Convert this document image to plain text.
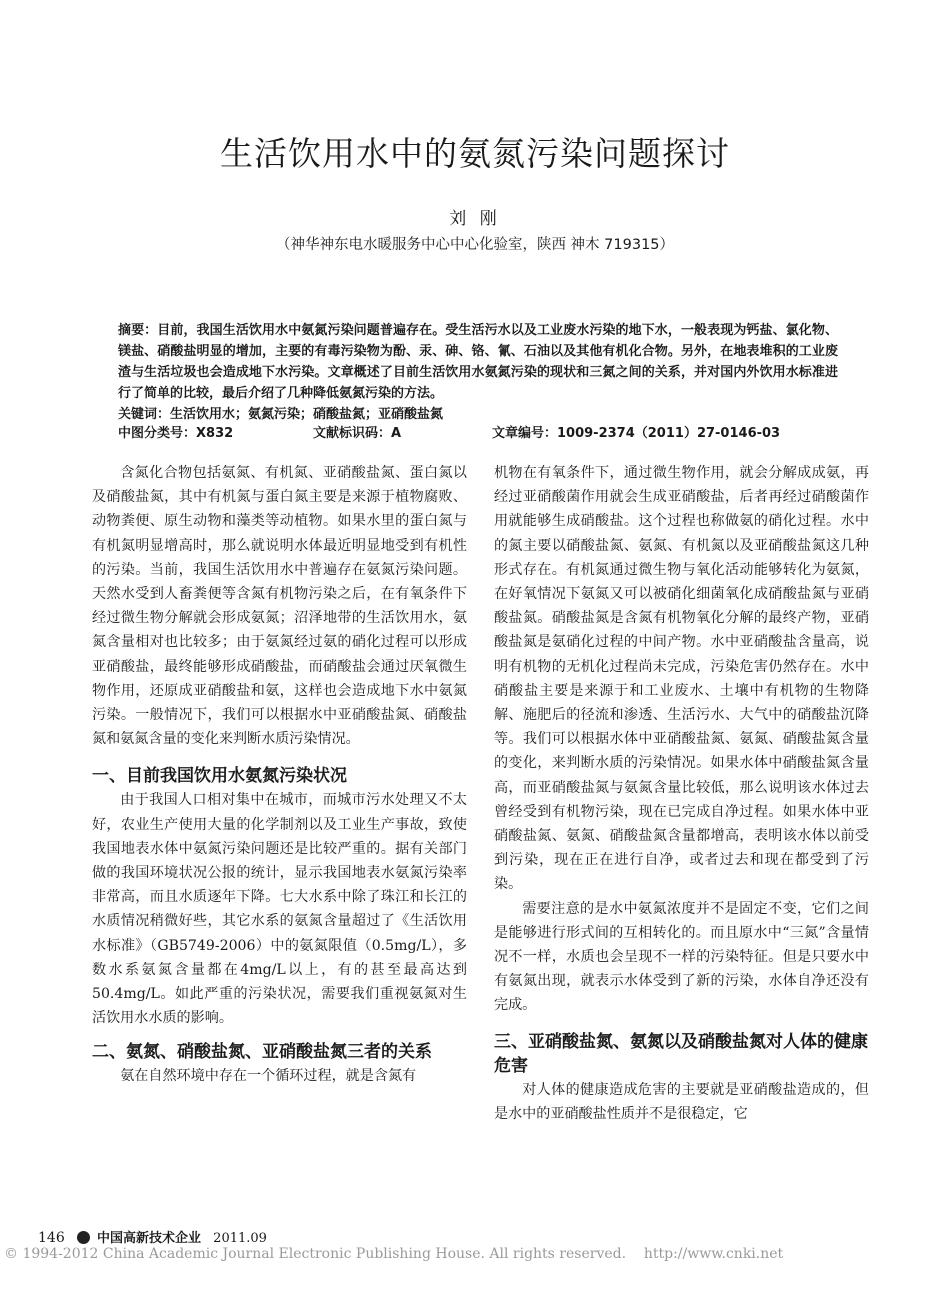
生活饮用水中的氨氮污染问题探讨
刘 刚
（神华神东电水暖服务中心中心化验室，陕西 神木 719315）

摘要：目前，我国生活饮用水中氨氮污染问题普遍存在。受生活污水以及工业废水污染的地下水，一般表现为钙盐、氯化物、镁盐、硝酸盐明显的增加，主要的有毒污染物为酚、汞、砷、铬、氰、石油以及其他有机化合物。另外，在地表堆积的工业废渣与生活垃圾也会造成地下水污染。文章概述了目前生活饮用水氨氮污染的现状和三氮之间的关系，并对国内外饮用水标准进行了简单的比较，最后介绍了几种降低氨氮污染的方法。

关键词：生活饮用水；氨氮污染；硝酸盐氮；亚硝酸盐氮

中图分类号：X832	文献标识码：A	文章编号：1009-2374（2011）27-0146-03

含氮化合物包括氨氮、有机氮、亚硝酸盐氮、蛋白氮以及硝酸盐氮，其中有机氮与蛋白氮主要是来源于植物腐败、动物粪便、原生动物和藻类等动植物。如果水里的蛋白氮与有机氮明显增高时，那么就说明水体最近明显地受到有机性的污染。当前，我国生活饮用水中普遍存在氨氮污染问题。天然水受到人畜粪便等含氮有机物污染之后，在有氧条件下经过微生物分解就会形成氨氮；沼泽地带的生活饮用水，氨氮含量相对也比较多；由于氨氮经过氨的硝化过程可以形成亚硝酸盐，最终能够形成硝酸盐，而硝酸盐会通过厌氧微生物作用，还原成亚硝酸盐和氨，这样也会造成地下水中氨氮污染。一般情况下，我们可以根据水中亚硝酸盐氮、硝酸盐氮和氨氮含量的变化来判断水质污染情况。

一、目前我国饮用水氨氮污染状况

由于我国人口相对集中在城市，而城市污水处理又不太好，农业生产使用大量的化学制剂以及工业生产事故，致使我国地表水体中氨氮污染问题还是比较严重的。据有关部门做的我国环境状况公报的统计，显示我国地表水氨氮污染率非常高，而且水质逐年下降。七大水系中除了珠江和长江的水质情况稍微好些，其它水系的氨氮含量超过了《生活饮用水标准》（GB5749-2006）中的氨氮限值（0.5mg/L），多数水系氨氮含量都在4mg/L以上，有的甚至最高达到50.4mg/L。如此严重的污染状况，需要我们重视氨氮对生活饮用水水质的影响。

二、氨氮、硝酸盐氮、亚硝酸盐氮三者的关系

氨在自然环境中存在一个循环过程，就是含氮有

机物在有氧条件下，通过微生物作用，就会分解成成氨，再经过亚硝酸菌作用就会生成亚硝酸盐，后者再经过硝酸菌作用就能够生成硝酸盐。这个过程也称做氨的硝化过程。水中的氮主要以硝酸盐氮、氨氮、有机氮以及亚硝酸盐氮这几种形式存在。有机氮通过微生物与氧化活动能够转化为氨氮，在好氧情况下氨氮又可以被硝化细菌氧化成硝酸盐氮与亚硝酸盐氮。硝酸盐氮是含氮有机物氧化分解的最终产物，亚硝酸盐氮是氨硝化过程的中间产物。水中亚硝酸盐含量高，说明有机物的无机化过程尚未完成，污染危害仍然存在。水中硝酸盐主要是来源于和工业废水、土壤中有机物的生物降解、施肥后的径流和渗透、生活污水、大气中的硝酸盐沉降等。我们可以根据水体中亚硝酸盐氮、氨氮、硝酸盐氮含量的变化，来判断水质的污染情况。如果水体中硝酸盐氮含量高，而亚硝酸盐氮与氨氮含量比较低，那么说明该水体过去曾经受到有机物污染，现在已完成自净过程。如果水体中亚硝酸盐氮、氨氮、硝酸盐氮含量都增高，表明该水体以前受到污染，现在正在进行自净，或者过去和现在都受到了污染。

需要注意的是水中氨氮浓度并不是固定不变，它们之间是能够进行形式间的互相转化的。而且原水中“三氮”含量情况不一样，水质也会呈现不一样的污染特征。但是只要水中有氨氮出现，就表示水体受到了新的污染，水体自净还没有完成。

三、亚硝酸盐氮、氨氮以及硝酸盐氮对人体的健康危害

对人体的健康造成危害的主要就是亚硝酸盐造成的，但是水中的亚硝酸盐性质并不是很稳定，它

146 中国高新技术企业 2011.09
© 1994-2012 China Academic Journal Electronic Publishing House. All rights reserved.    http://www.cnki.net
